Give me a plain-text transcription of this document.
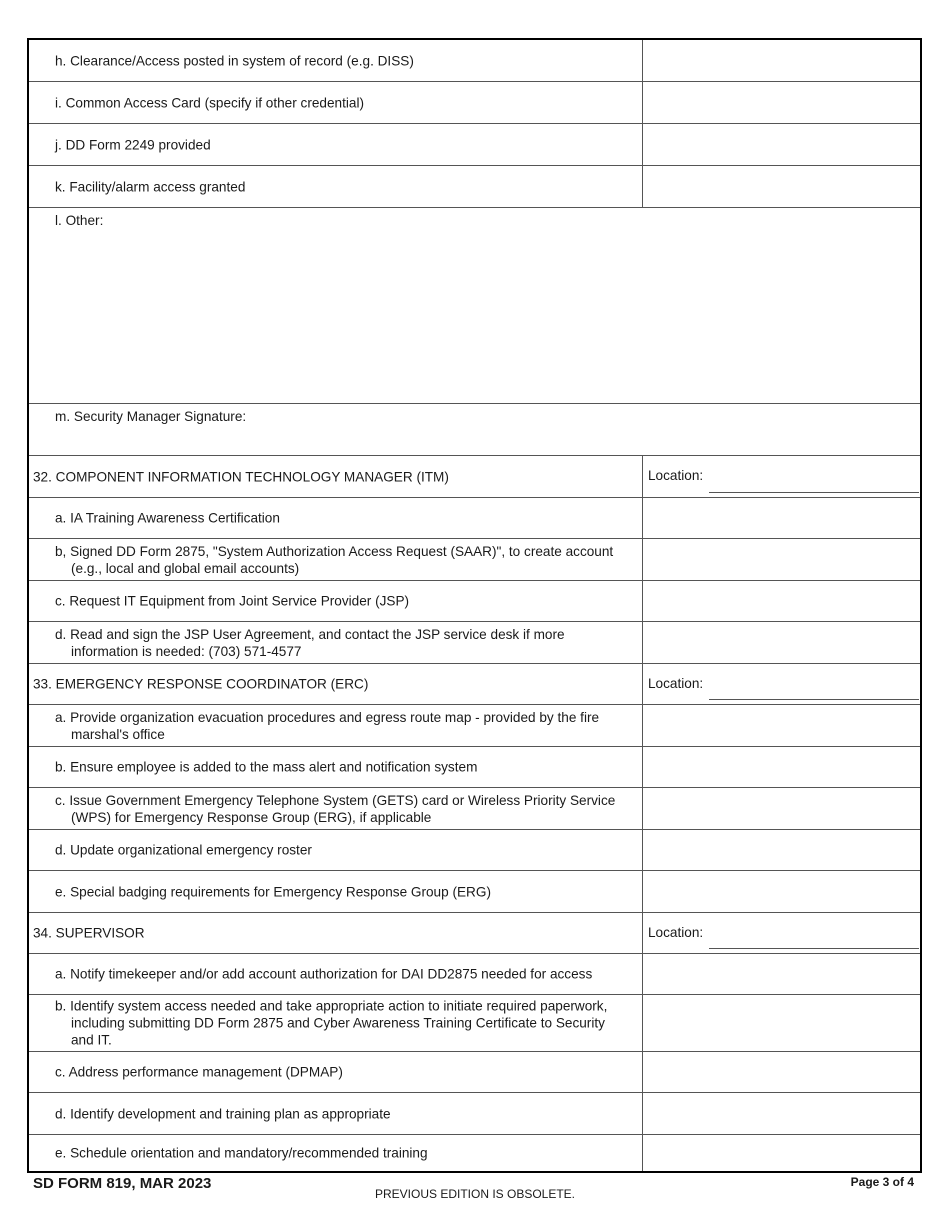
h. Clearance/Access posted in system of record (e.g. DISS)
i. Common Access Card (specify if other credential)
j. DD Form 2249 provided
k. Facility/alarm access granted
l. Other:
m. Security Manager Signature:
32. COMPONENT INFORMATION TECHNOLOGY MANAGER (ITM)	Location:
a. IA Training Awareness Certification
b, Signed DD Form 2875, "System Authorization Access Request (SAAR)", to create account
(e.g., local and global email accounts)
c. Request IT Equipment from Joint Service Provider (JSP)
d. Read and sign the JSP User Agreement, and contact the JSP service desk if more
information is needed: (703) 571-4577
33. EMERGENCY RESPONSE COORDINATOR (ERC)	Location:
a. Provide organization evacuation procedures and egress route map - provided by the fire
marshal's office
b. Ensure employee is added to the mass alert and notification system
c. Issue Government Emergency Telephone System (GETS) card or Wireless Priority Service
(WPS) for Emergency Response Group (ERG), if applicable
d. Update organizational emergency roster
e. Special badging requirements for Emergency Response Group (ERG)
34. SUPERVISOR	Location:
a. Notify timekeeper and/or add account authorization for DAI DD2875 needed for access
b. Identify system access needed and take appropriate action to initiate required paperwork,
including submitting DD Form 2875 and Cyber Awareness Training Certificate to Security
and IT.
c. Address performance management (DPMAP)
d. Identify development and training plan as appropriate
e. Schedule orientation and mandatory/recommended training
SD FORM 819, MAR 2023
PREVIOUS EDITION IS OBSOLETE.
Page 3 of 4
